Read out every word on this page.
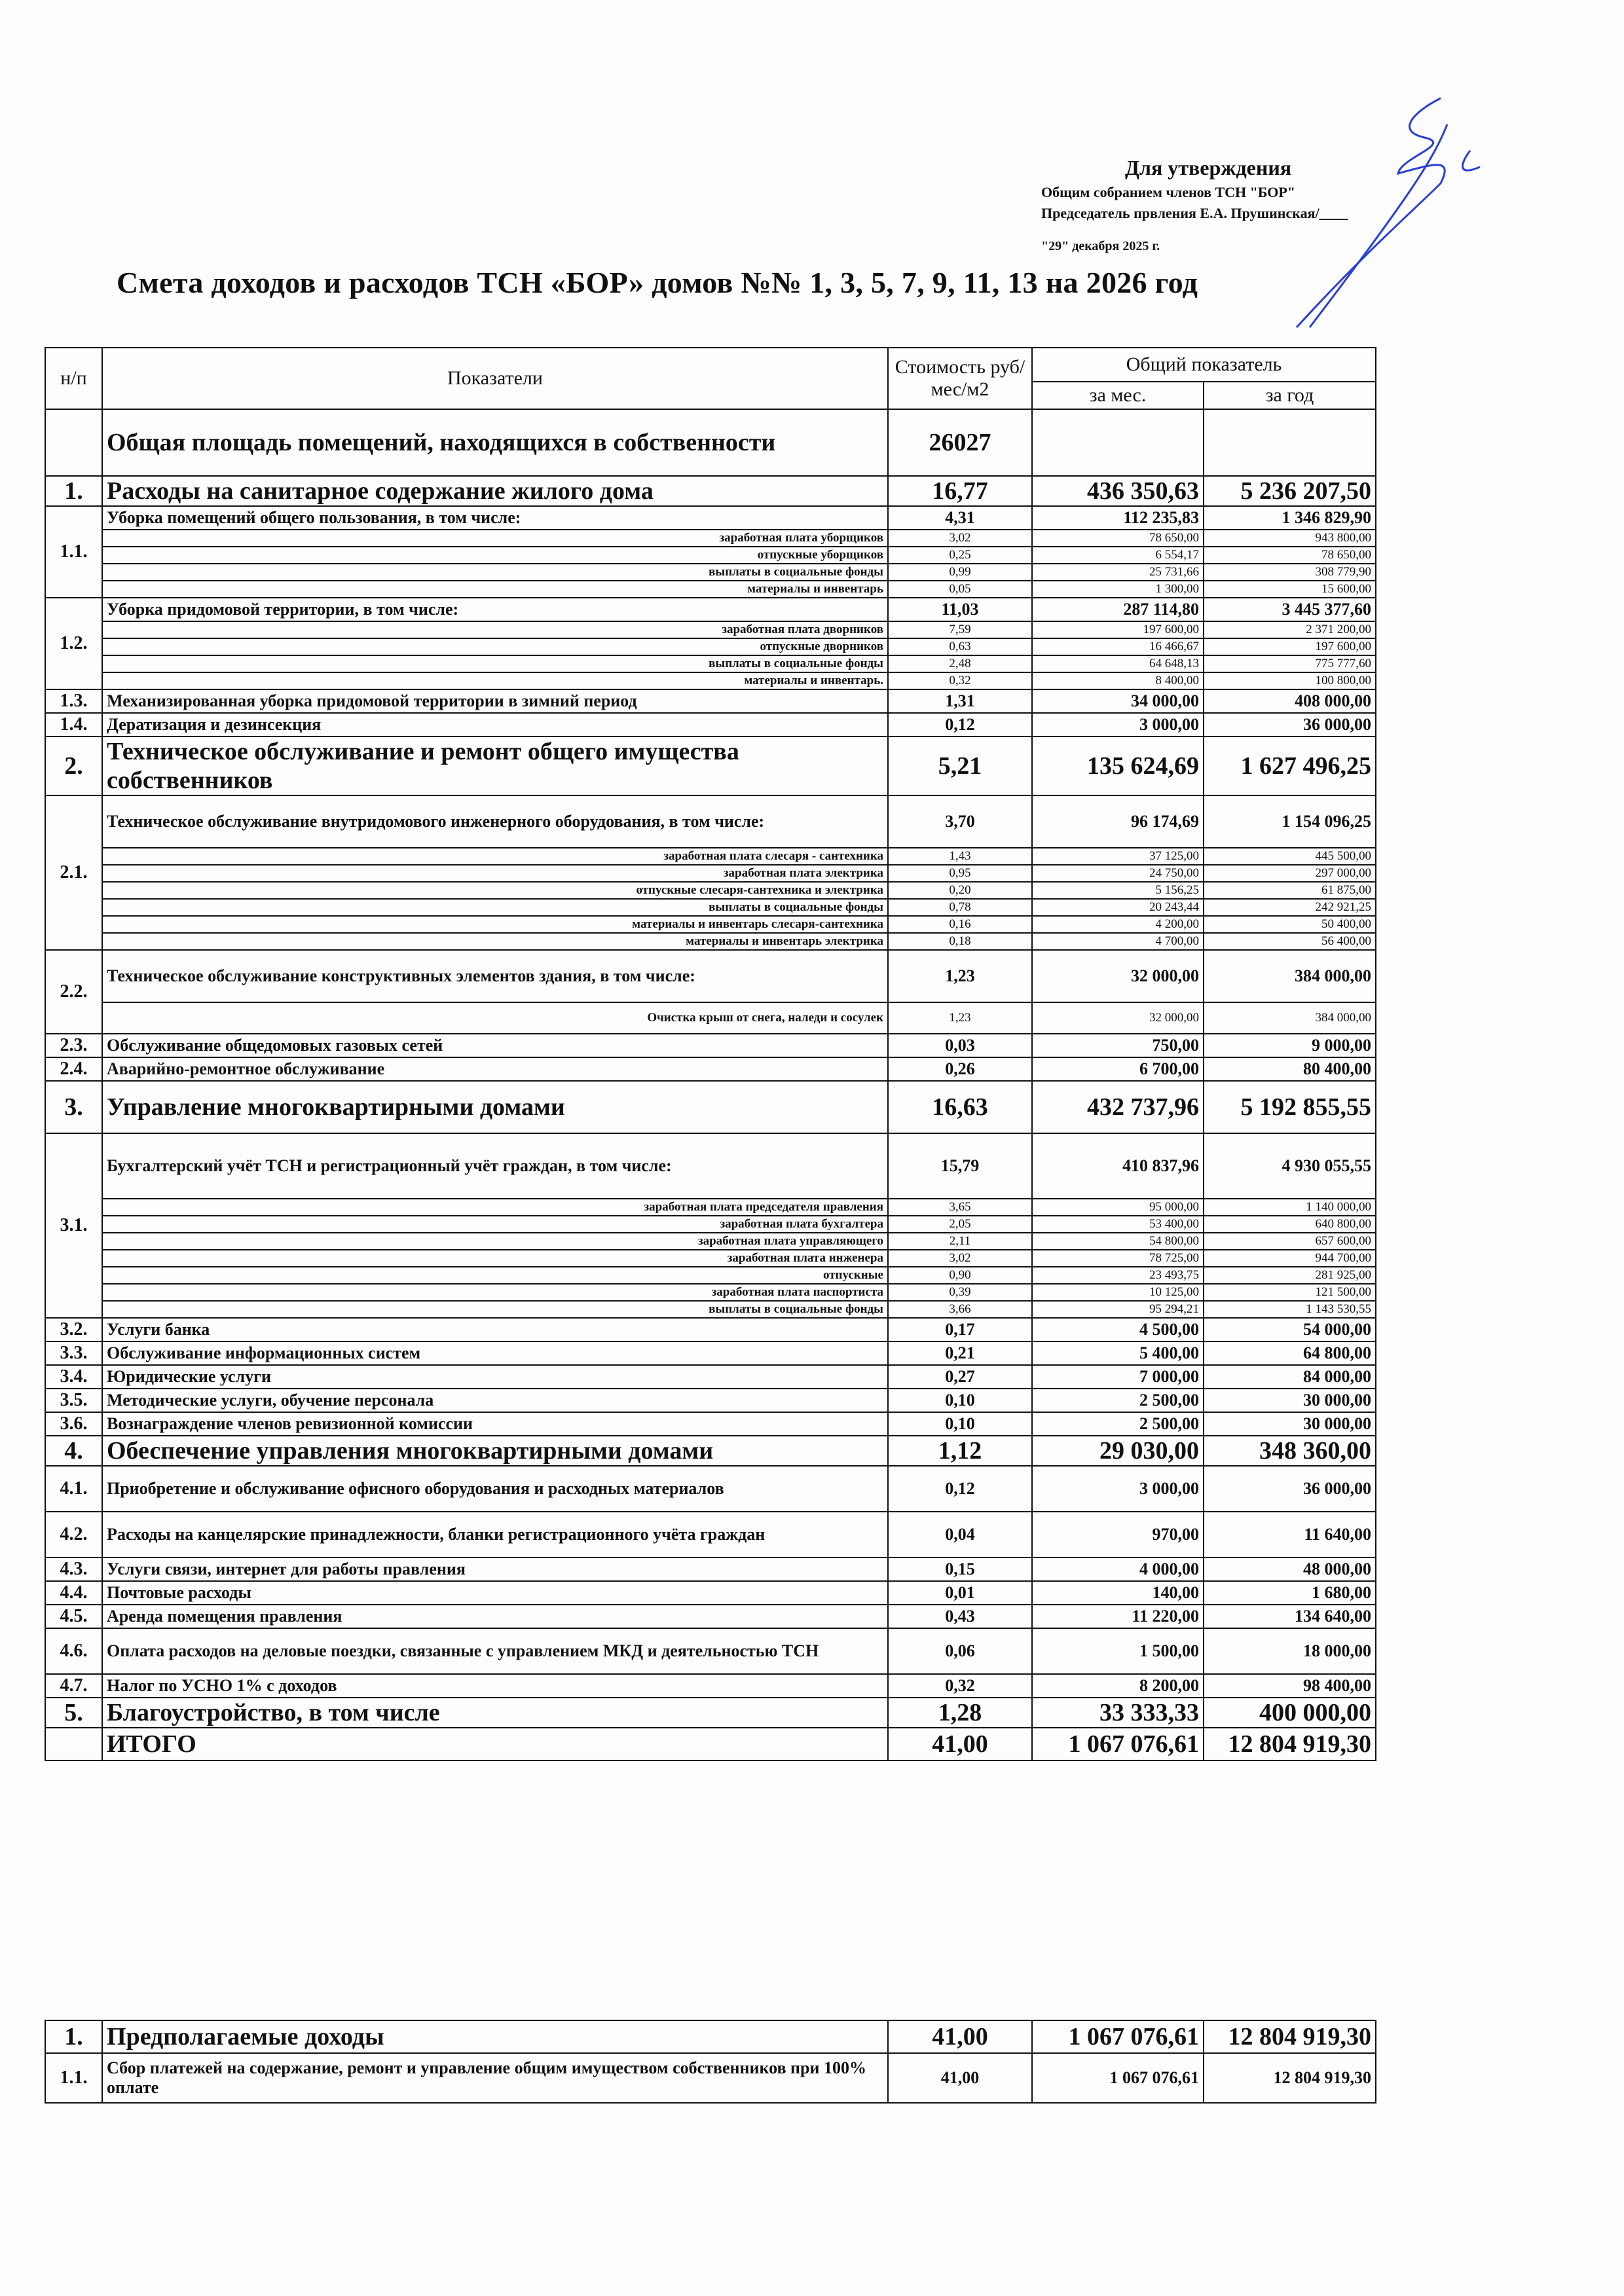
Для утверждения
Общим собранием членов ТСН "БОР"
Председатель првления Е.А. Прушинская/____
"29" декабря 2025 г.
Смета доходов и расходов ТСН «БОР» домов №№ 1, 3, 5, 7, 9, 11, 13 на 2026 год
н/п	Показатели	Стоимость руб/мес/м2	Общий показатель	
			за мес.	за год
	Общая площадь помещений, находящихся в собственности	26027		
1.	Расходы на санитарное содержание жилого дома	16,77	436 350,63	5 236 207,50
1.1.	Уборка помещений общего пользования, в том числе:	4,31	112 235,83	1 346 829,90
	заработная плата уборщиков	3,02	78 650,00	943 800,00
	отпускные уборщиков	0,25	6 554,17	78 650,00
	выплаты в социальные фонды	0,99	25 731,66	308 779,90
	материалы и инвентарь	0,05	1 300,00	15 600,00
1.2.	Уборка придомовой территории, в том числе:	11,03	287 114,80	3 445 377,60
	заработная плата дворников	7,59	197 600,00	2 371 200,00
	отпускные дворников	0,63	16 466,67	197 600,00
	выплаты в социальные фонды	2,48	64 648,13	775 777,60
	материалы и инвентарь.	0,32	8 400,00	100 800,00
1.3.	Механизированная уборка придомовой территории в зимний период	1,31	34 000,00	408 000,00
1.4.	Дератизация и дезинсекция	0,12	3 000,00	36 000,00
2.	Техническое обслуживание и ремонт общего имущества собственников	5,21	135 624,69	1 627 496,25
2.1.	Техническое обслуживание внутридомового инженерного оборудования, в том числе:	3,70	96 174,69	1 154 096,25
	заработная плата слесаря - сантехника	1,43	37 125,00	445 500,00
	заработная плата электрика	0,95	24 750,00	297 000,00
	отпускные слесаря-сантехника и электрика	0,20	5 156,25	61 875,00
	выплаты в социальные фонды	0,78	20 243,44	242 921,25
	материалы и инвентарь слесаря-сантехника	0,16	4 200,00	50 400,00
	материалы и инвентарь электрика	0,18	4 700,00	56 400,00
2.2.	Техническое обслуживание конструктивных элементов здания, в том числе:	1,23	32 000,00	384 000,00
	Очистка крыш от снега, наледи и сосулек	1,23	32 000,00	384 000,00
2.3.	Обслуживание общедомовых газовых сетей	0,03	750,00	9 000,00
2.4.	Аварийно-ремонтное обслуживание	0,26	6 700,00	80 400,00
3.	Управление многоквартирными домами	16,63	432 737,96	5 192 855,55
3.1.	Бухгалтерский учёт ТСН и регистрационный учёт граждан, в том числе:	15,79	410 837,96	4 930 055,55
	заработная плата председателя правления	3,65	95 000,00	1 140 000,00
	заработная плата бухгалтера	2,05	53 400,00	640 800,00
	заработная плата управляющего	2,11	54 800,00	657 600,00
	заработная плата инженера	3,02	78 725,00	944 700,00
	отпускные	0,90	23 493,75	281 925,00
	заработная плата паспортиста	0,39	10 125,00	121 500,00
	выплаты в социальные фонды	3,66	95 294,21	1 143 530,55
3.2.	Услуги банка	0,17	4 500,00	54 000,00
3.3.	Обслуживание информационных систем	0,21	5 400,00	64 800,00
3.4.	Юридические услуги	0,27	7 000,00	84 000,00
3.5.	Методические услуги, обучение персонала	0,10	2 500,00	30 000,00
3.6.	Вознаграждение членов ревизионной комиссии	0,10	2 500,00	30 000,00
4.	Обеспечение управления многоквартирными домами	1,12	29 030,00	348 360,00
4.1.	Приобретение и обслуживание офисного оборудования и расходных материалов	0,12	3 000,00	36 000,00
4.2.	Расходы на канцелярские принадлежности, бланки регистрационного учёта граждан	0,04	970,00	11 640,00
4.3.	Услуги связи, интернет для работы правления	0,15	4 000,00	48 000,00
4.4.	Почтовые расходы	0,01	140,00	1 680,00
4.5.	Аренда помещения правления	0,43	11 220,00	134 640,00
4.6.	Оплата расходов на деловые поездки, связанные с управлением МКД и деятельностью ТСН	0,06	1 500,00	18 000,00
4.7.	Налог по УСНО 1% с доходов	0,32	8 200,00	98 400,00
5.	Благоустройство, в том числе	1,28	33 333,33	400 000,00
	ИТОГО	41,00	1 067 076,61	12 804 919,30
1.	Предполагаемые доходы	41,00	1 067 076,61	12 804 919,30
1.1.	Сбор платежей на содержание, ремонт и управление общим имуществом собственников при 100% оплате	41,00	1 067 076,61	12 804 919,30
